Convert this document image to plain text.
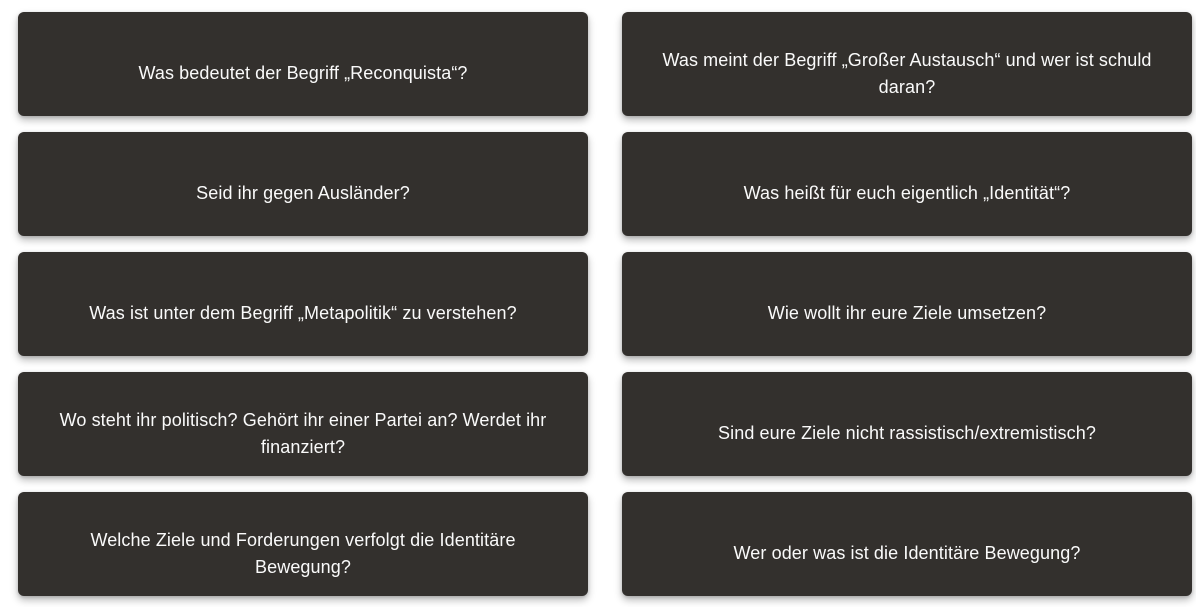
Was bedeutet der Begriff „Reconquista“?
Was meint der Begriff „Großer Austausch“ und wer ist schuld daran?
Seid ihr gegen Ausländer?	Was heißt für euch eigentlich „Identität“?
Was ist unter dem Begriff „Metapolitik“ zu verstehen?	Wie wollt ihr eure Ziele umsetzen?
Wo steht ihr politisch? Gehört ihr einer Partei an? Werdet ihr finanziert?
Sind eure Ziele nicht rassistisch/extremistisch?
Welche Ziele und Forderungen verfolgt die Identitäre Bewegung?
Wer oder was ist die Identitäre Bewegung?
